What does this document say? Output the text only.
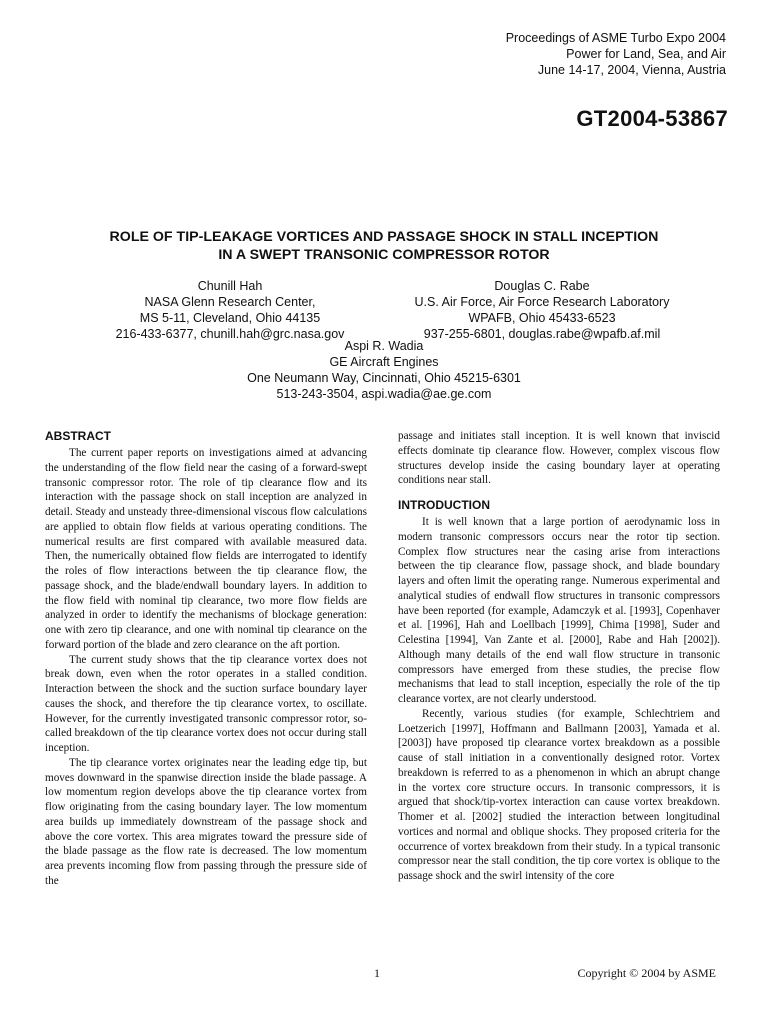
Proceedings of ASME Turbo Expo 2004
Power for Land, Sea, and Air
June 14-17, 2004, Vienna, Austria
GT2004-53867
ROLE OF TIP-LEAKAGE VORTICES AND PASSAGE SHOCK IN STALL INCEPTION
IN A SWEPT TRANSONIC COMPRESSOR ROTOR
Chunill Hah
NASA Glenn Research Center,
MS 5-11, Cleveland, Ohio 44135
216-433-6377, chunill.hah@grc.nasa.gov
Douglas C. Rabe
U.S. Air Force, Air Force Research Laboratory
WPAFB, Ohio 45433-6523
937-255-6801, douglas.rabe@wpafb.af.mil
Aspi R. Wadia
GE Aircraft Engines
One Neumann Way, Cincinnati, Ohio 45215-6301
513-243-3504, aspi.wadia@ae.ge.com
ABSTRACT

The current paper reports on investigations aimed at advancing the understanding of the flow field near the casing of a forward-swept transonic compressor rotor. The role of tip clearance flow and its interaction with the passage shock on stall inception are analyzed in detail. Steady and unsteady three-dimensional viscous flow calculations are applied to obtain flow fields at various operating conditions. The numerical results are first compared with available measured data. Then, the numerically obtained flow fields are interrogated to identify the roles of flow interactions between the tip clearance flow, the passage shock, and the blade/endwall boundary layers. In addition to the flow field with nominal tip clearance, two more flow fields are analyzed in order to identify the mechanisms of blockage generation: one with zero tip clearance, and one with nominal tip clearance on the forward portion of the blade and zero clearance on the aft portion.

The current study shows that the tip clearance vortex does not break down, even when the rotor operates in a stalled condition. Interaction between the shock and the suction surface boundary layer causes the shock, and therefore the tip clearance vortex, to oscillate. However, for the currently investigated transonic compressor rotor, so-called breakdown of the tip clearance vortex does not occur during stall inception.

The tip clearance vortex originates near the leading edge tip, but moves downward in the spanwise direction inside the blade passage. A low momentum region develops above the tip clearance vortex from flow originating from the casing boundary layer. The low momentum area builds up immediately downstream of the passage shock and above the core vortex. This area migrates toward the pressure side of the blade passage as the flow rate is decreased. The low momentum area prevents incoming flow from passing through the pressure side of the

passage and initiates stall inception. It is well known that inviscid effects dominate tip clearance flow. However, complex viscous flow structures develop inside the casing boundary layer at operating conditions near stall.

INTRODUCTION

It is well known that a large portion of aerodynamic loss in modern transonic compressors occurs near the rotor tip section. Complex flow structures near the casing arise from interactions between the tip clearance flow, passage shock, and blade boundary layers and often limit the operating range. Numerous experimental and analytical studies of endwall flow structures in transonic compressors have been reported (for example, Adamczyk et al. [1993], Copenhaver et al. [1996], Hah and Loellbach [1999], Chima [1998], Suder and Celestina [1994], Van Zante et al. [2000], Rabe and Hah [2002]). Although many details of the end wall flow structure in transonic compressors have emerged from these studies, the precise flow mechanisms that lead to stall inception, especially the role of the tip clearance vortex, are not clearly understood.

Recently, various studies (for example, Schlechtriem and Loetzerich [1997], Hoffmann and Ballmann [2003], Yamada et al. [2003]) have proposed tip clearance vortex breakdown as a possible cause of stall initiation in a conventionally designed rotor. Vortex breakdown is referred to as a phenomenon in which an abrupt change in the vortex core structure occurs. In transonic compressors, it is argued that shock/tip-vortex interaction can cause vortex breakdown. Thomer et al. [2002] studied the interaction between longitudinal vortices and normal and oblique shocks. They proposed criteria for the occurrence of vortex breakdown from their study. In a typical transonic compressor near the stall condition, the tip core vortex is oblique to the passage shock and the swirl intensity of the core

1	Copyright © 2004 by ASME
